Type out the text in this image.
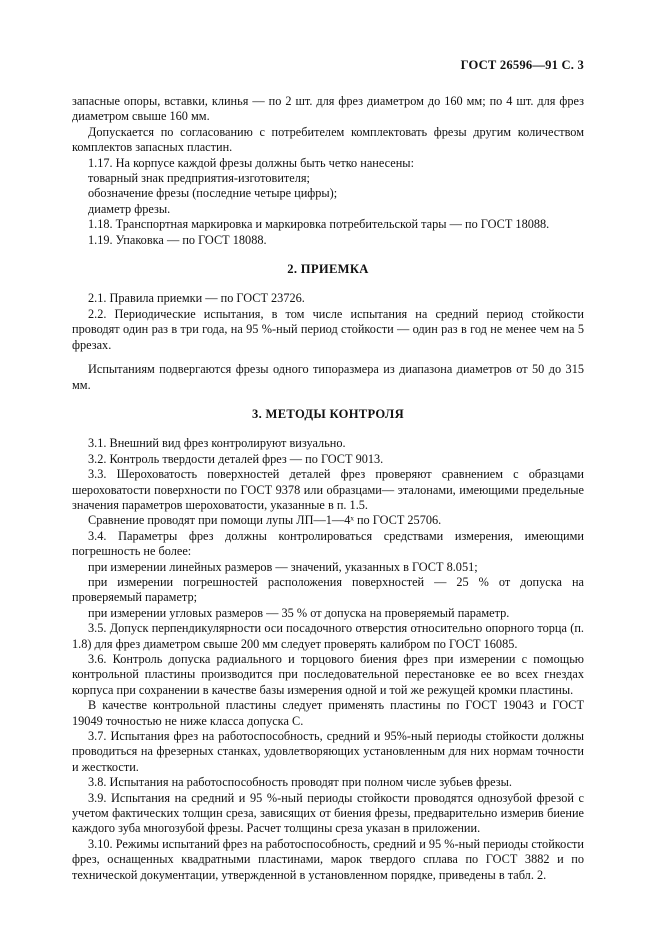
ГОСТ 26596—91 С. 3

запасные опоры, вставки, клинья — по 2 шт. для фрез диаметром до 160 мм; по 4 шт. для фрез диаметром свыше 160 мм.

Допускается по согласованию с потребителем комплектовать фрезы другим количеством комплектов запасных пластин.

1.17. На корпусе каждой фрезы должны быть четко нанесены:

товарный знак предприятия-изготовителя;

обозначение фрезы (последние четыре цифры);

диаметр фрезы.

1.18. Транспортная маркировка и маркировка потребительской тары — по ГОСТ 18088.

1.19. Упаковка — по ГОСТ 18088.

2. ПРИЕМКА

2.1. Правила приемки — по ГОСТ 23726.

2.2. Периодические испытания, в том числе испытания на средний период стойкости проводят один раз в три года, на 95 %-ный период стойкости — один раз в год не менее чем на 5 фрезах.

Испытаниям подвергаются фрезы одного типоразмера из диапазона диаметров от 50 до 315 мм.

3. МЕТОДЫ КОНТРОЛЯ

3.1. Внешний вид фрез контролируют визуально.

3.2. Контроль твердости деталей фрез — по ГОСТ 9013.

3.3. Шероховатость поверхностей деталей фрез проверяют сравнением с образцами шероховатости поверхности по ГОСТ 9378 или образцами— эталонами, имеющими предельные значения параметров шероховатости, указанные в п. 1.5.

Сравнение проводят при помощи лупы ЛП—1—4ˣ по ГОСТ 25706.

3.4. Параметры фрез должны контролироваться средствами измерения, имеющими погрешность не более:

при измерении линейных размеров — значений, указанных в ГОСТ 8.051;

при измерении погрешностей расположения поверхностей — 25 % от допуска на проверяемый параметр;

при измерении угловых размеров — 35 % от допуска на проверяемый параметр.

3.5. Допуск перпендикулярности оси посадочного отверстия относительно опорного торца (п. 1.8) для фрез диаметром свыше 200 мм следует проверять калибром по ГОСТ 16085.

3.6. Контроль допуска радиального и торцового биения фрез при измерении с помощью контрольной пластины производится при последовательной перестановке ее во всех гнездах корпуса при сохранении в качестве базы измерения одной и той же режущей кромки пластины.

В качестве контрольной пластины следует применять пластины по ГОСТ 19043 и ГОСТ 19049 точностью не ниже класса допуска С.

3.7. Испытания фрез на работоспособность, средний и 95%-ный периоды стойкости должны проводиться на фрезерных станках, удовлетворяющих установленным для них нормам точности и жесткости.

3.8. Испытания на работоспособность проводят при полном числе зубьев фрезы.

3.9. Испытания на средний и 95 %-ный периоды стойкости проводятся однозубой фрезой с учетом фактических толщин среза, зависящих от биения фрезы, предварительно измерив биение каждого зуба многозубой фрезы. Расчет толщины среза указан в приложении.

3.10. Режимы испытаний фрез на работоспособность, средний и 95 %-ный периоды стойкости фрез, оснащенных квадратными пластинами, марок твердого сплава по ГОСТ 3882 и по технической документации, утвержденной в установленном порядке, приведены в табл. 2.
